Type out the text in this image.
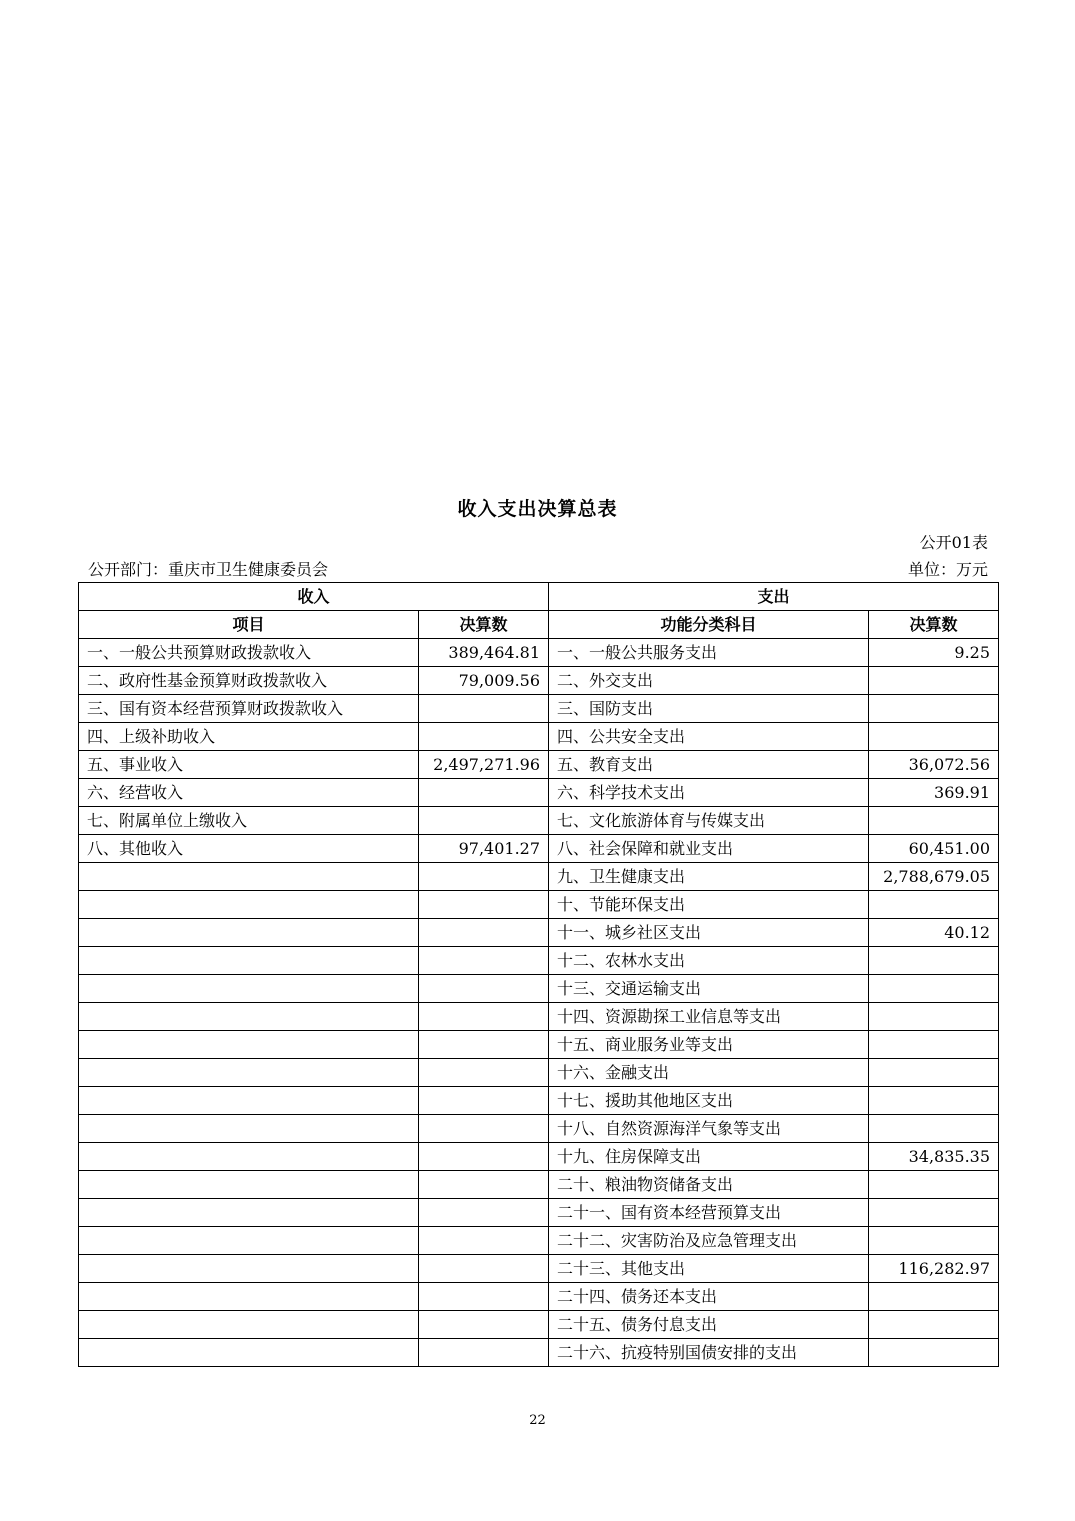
收入支出决算总表
公开01表
公开部门：重庆市卫生健康委员会	单位：万元
收入		支出	
项目	决算数	功能分类科目	决算数
一、一般公共预算财政拨款收入	389,464.81	一、一般公共服务支出	9.25
二、政府性基金预算财政拨款收入	79,009.56	二、外交支出	
三、国有资本经营预算财政拨款收入		三、国防支出	
四、上级补助收入		四、公共安全支出	
五、事业收入	2,497,271.96	五、教育支出	36,072.56
六、经营收入		六、科学技术支出	369.91
七、附属单位上缴收入		七、文化旅游体育与传媒支出	
八、其他收入	97,401.27	八、社会保障和就业支出	60,451.00
		九、卫生健康支出	2,788,679.05
		十、节能环保支出	
		十一、城乡社区支出	40.12
		十二、农林水支出	
		十三、交通运输支出	
		十四、资源勘探工业信息等支出	
		十五、商业服务业等支出	
		十六、金融支出	
		十七、援助其他地区支出	
		十八、自然资源海洋气象等支出	
		十九、住房保障支出	34,835.35
		二十、粮油物资储备支出	
		二十一、国有资本经营预算支出	
		二十二、灾害防治及应急管理支出	
		二十三、其他支出	116,282.97
		二十四、债务还本支出	
		二十五、债务付息支出	
		二十六、抗疫特别国债安排的支出	
22
